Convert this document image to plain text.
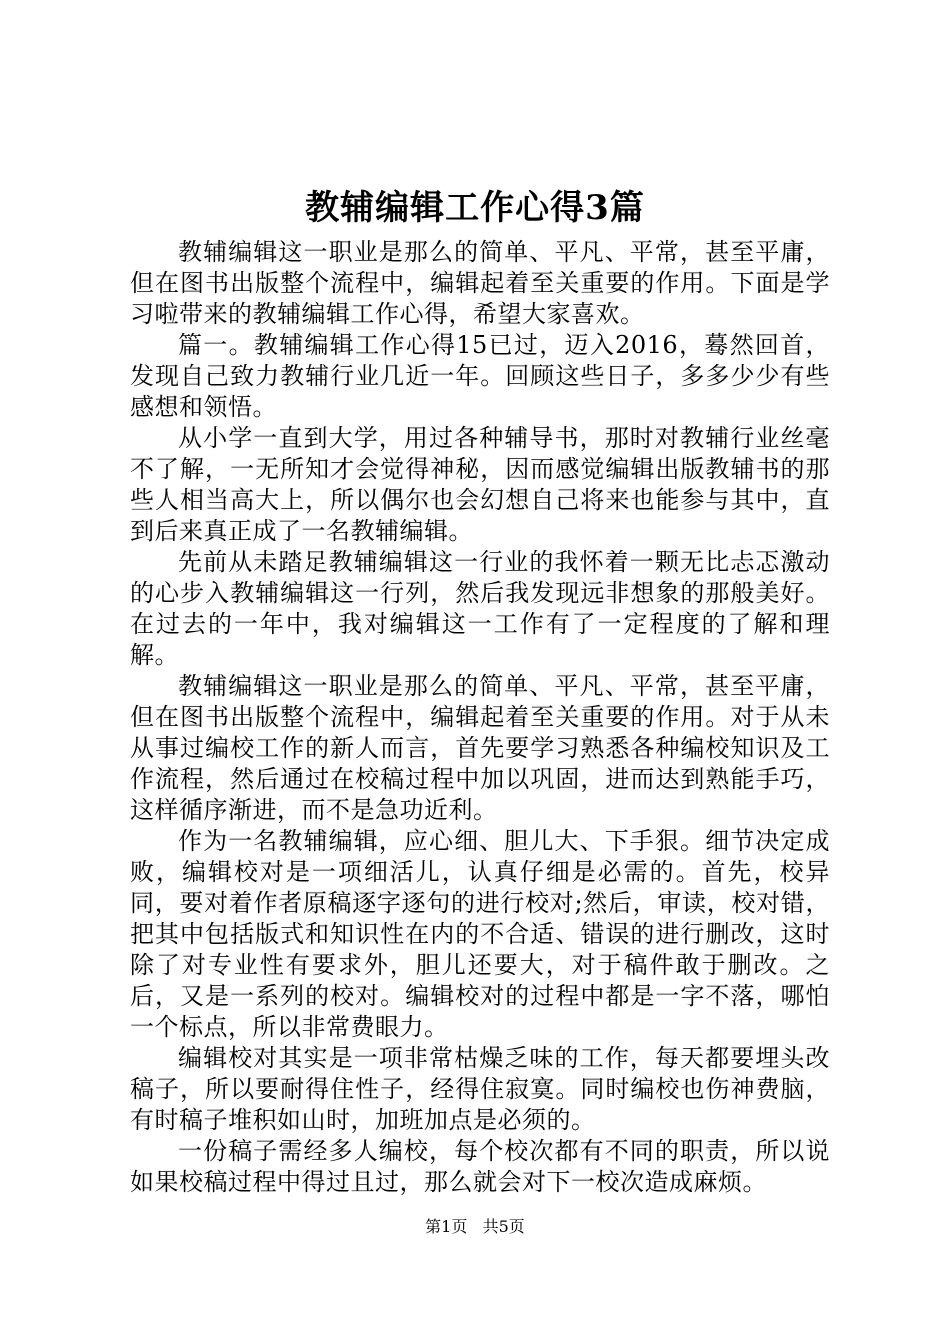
教辅编辑工作心得3篇

教辅编辑这一职业是那么的简单、平凡、平常，甚至平庸，但在图书出版整个流程中，编辑起着至关重要的作用。下面是学习啦带来的教辅编辑工作心得，希望大家喜欢。

篇一。教辅编辑工作心得15已过，迈入2016，蓦然回首，发现自己致力教辅行业几近一年。回顾这些日子，多多少少有些感想和领悟。

从小学一直到大学，用过各种辅导书，那时对教辅行业丝毫不了解，一无所知才会觉得神秘，因而感觉编辑出版教辅书的那些人相当高大上，所以偶尔也会幻想自己将来也能参与其中，直到后来真正成了一名教辅编辑。

先前从未踏足教辅编辑这一行业的我怀着一颗无比忐忑激动的心步入教辅编辑这一行列，然后我发现远非想象的那般美好。在过去的一年中，我对编辑这一工作有了一定程度的了解和理解。

教辅编辑这一职业是那么的简单、平凡、平常，甚至平庸，但在图书出版整个流程中，编辑起着至关重要的作用。对于从未从事过编校工作的新人而言，首先要学习熟悉各种编校知识及工作流程，然后通过在校稿过程中加以巩固，进而达到熟能手巧，这样循序渐进，而不是急功近利。

作为一名教辅编辑，应心细、胆儿大、下手狠。细节决定成败，编辑校对是一项细活儿，认真仔细是必需的。首先，校异同，要对着作者原稿逐字逐句的进行校对;然后，审读，校对错，把其中包括版式和知识性在内的不合适、错误的进行删改，这时除了对专业性有要求外，胆儿还要大，对于稿件敢于删改。之后，又是一系列的校对。编辑校对的过程中都是一字不落，哪怕一个标点，所以非常费眼力。

编辑校对其实是一项非常枯燥乏味的工作，每天都要埋头改稿子，所以要耐得住性子，经得住寂寞。同时编校也伤神费脑，有时稿子堆积如山时，加班加点是必须的。

一份稿子需经多人编校，每个校次都有不同的职责，所以说如果校稿过程中得过且过，那么就会对下一校次造成麻烦。

第1页 共5页
